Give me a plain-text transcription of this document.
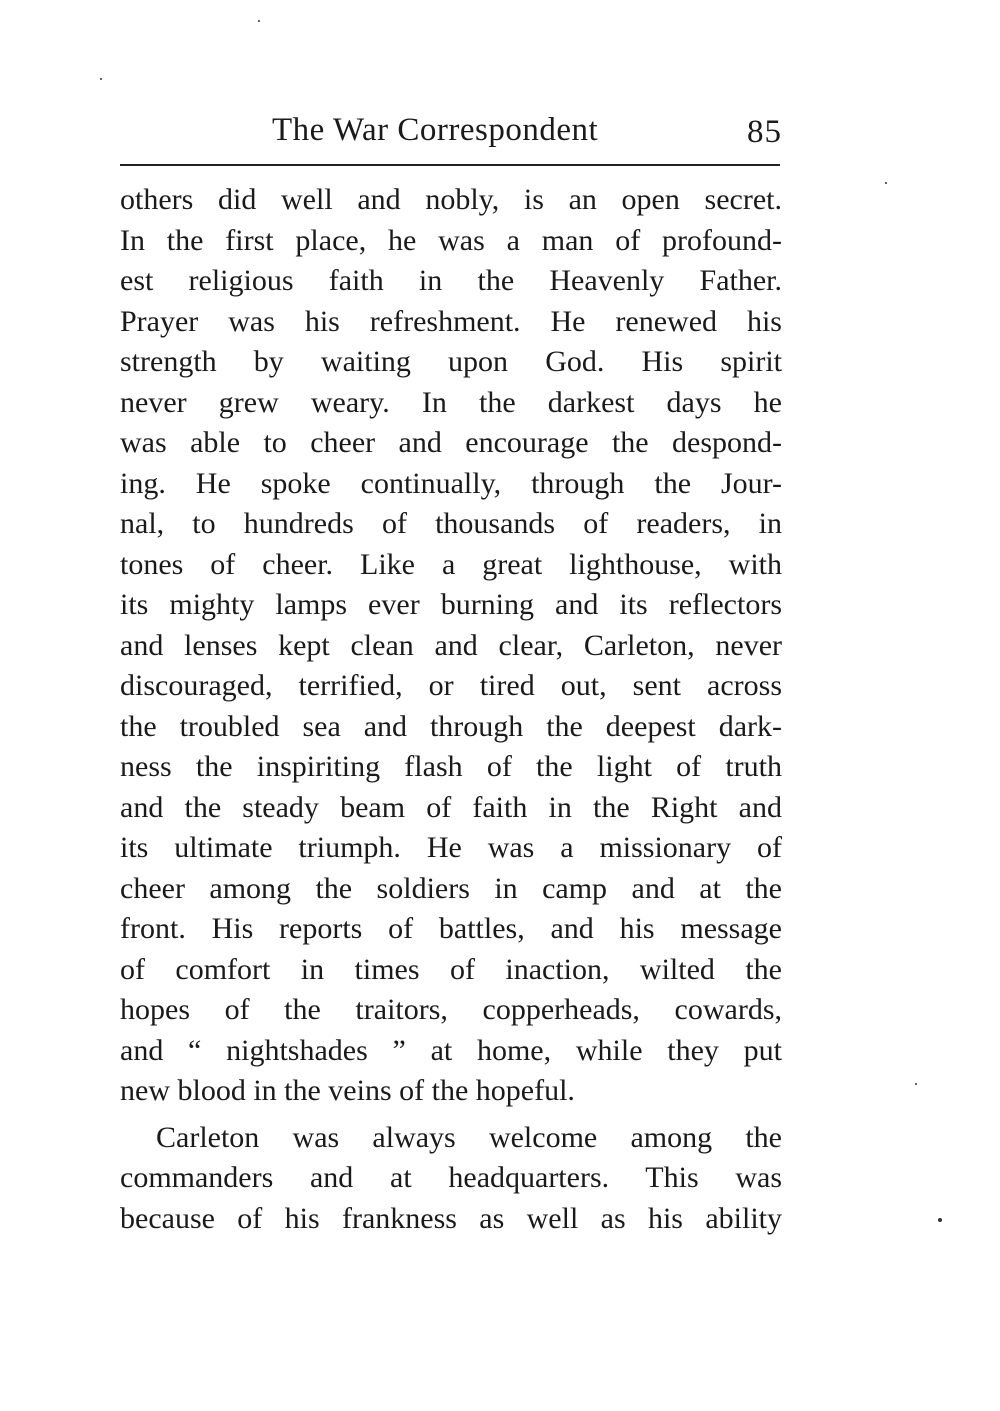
The War Correspondent	85
others did well and nobly, is an open secret.
In the first place, he was a man of profound-
est religious faith in the Heavenly Father.
Prayer was his refreshment. He renewed his
strength by waiting upon God. His spirit
never grew weary. In the darkest days he
was able to cheer and encourage the despond-
ing. He spoke continually, through the Jour-
nal, to hundreds of thousands of readers, in
tones of cheer. Like a great lighthouse, with
its mighty lamps ever burning and its reflectors
and lenses kept clean and clear, Carleton, never
discouraged, terrified, or tired out, sent across
the troubled sea and through the deepest dark-
ness the inspiriting flash of the light of truth
and the steady beam of faith in the Right and
its ultimate triumph. He was a missionary of
cheer among the soldiers in camp and at the
front. His reports of battles, and his message
of comfort in times of inaction, wilted the
hopes of the traitors, copperheads, cowards,
and “ nightshades ” at home, while they put
new blood in the veins of the hopeful.
Carleton was always welcome among the
commanders and at headquarters. This was
because of his frankness as well as his ability
